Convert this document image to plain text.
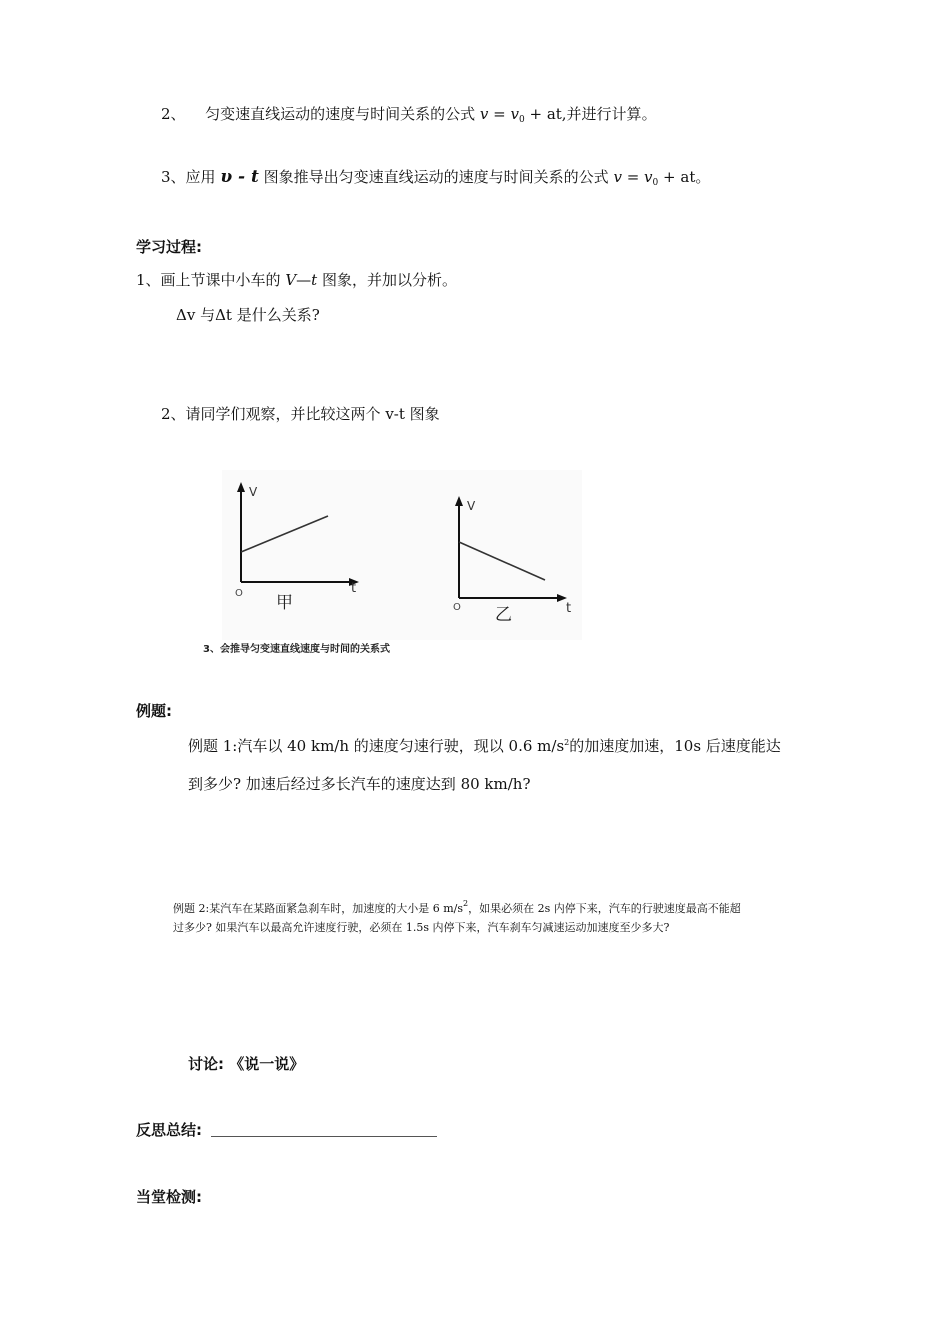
2、 匀变速直线运动的速度与时间关系的公式 $v = v_0$ + at,并进行计算。
3、应用 υ - t 图象推导出匀变速直线运动的速度与时间关系的公式 $v = v_0$ + at。
学习过程:
1、画上节课中小车的 V—t 图象，并加以分析。
Δv 与Δt 是什么关系?
2、请同学们观察，并比较这两个 v-t 图象
V
t
O 甲
V
t
O 乙
3、会推导匀变速直线速度与时间的关系式
例题:
例题 1:汽车以 40 km/h 的速度匀速行驶，现以 0.6 $m/s^2$的加速度加速，10s 后速度能达
到多少? 加速后经过多长汽车的速度达到 80 km/h?
例题 2:某汽车在某路面紧急刹车时，加速度的大小是 6 $m/s^2$，如果必须在 2s 内停下来，汽车的行驶速度最高不能超
过多少? 如果汽车以最高允许速度行驶，必须在 1.5s 内停下来，汽车刹车匀减速运动加速度至少多大?
讨论: 《说一说》
反思总结:
当堂检测:
